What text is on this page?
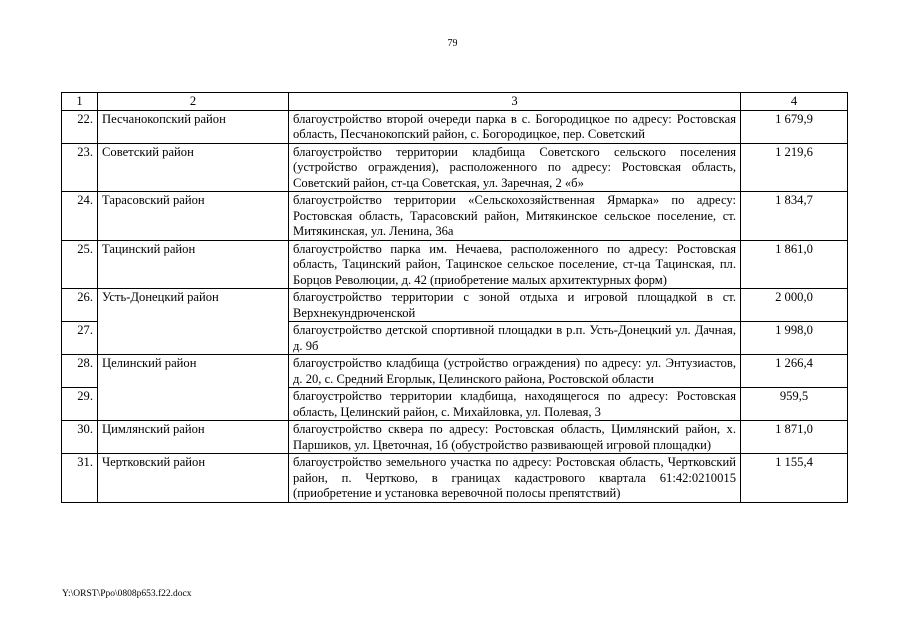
79
1	2	3	4
22.	Песчанокопский район	благоустройство второй очереди парка в с. Богородицкое по адресу: Ростовская область, Песчанокопский район, с. Богородицкое, пер. Советский	1 679,9
23.	Советский район	благоустройство территории кладбища Советского сельского поселения (устройство ограждения), расположенного по адресу: Ростовская область, Советский район, ст-ца Советская, ул. Заречная, 2 «б»	1 219,6
24.	Тарасовский район	благоустройство территории «Сельскохозяйственная Ярмарка» по адресу: Ростовская область, Тарасовский район, Митякинское сельское поселение, ст. Митякинская, ул. Ленина, 36а	1 834,7
25.	Тацинский район	благоустройство парка им. Нечаева, расположенного по адресу: Ростовская область, Тацинский район, Тацинское сельское поселение, ст-ца Тацинская, пл. Борцов Революции, д. 42 (приобретение малых архитектурных форм)	1 861,0
26.	Усть-Донецкий район	благоустройство территории с зоной отдыха и игровой площадкой в ст. Верхнекундрюченской	2 000,0
27.		благоустройство детской спортивной площадки в р.п. Усть-Донецкий ул. Дачная, д. 9б	1 998,0
28.	Целинский район	благоустройство кладбища (устройство ограждения) по адресу: ул. Энтузиастов, д. 20, с. Средний Егорлык, Целинского района, Ростовской области	1 266,4
29.		благоустройство территории кладбища, находящегося по адресу: Ростовская область, Целинский район, с. Михайловка, ул. Полевая, 3	959,5
30.	Цимлянский район	благоустройство сквера по адресу: Ростовская область, Цимлянский район, х. Паршиков, ул. Цветочная, 1б (обустройство развивающей игровой площадки)	1 871,0
31.	Чертковский район	благоустройство земельного участка по адресу: Ростовская область, Чертковский район, п. Чертково, в границах кадастрового квартала 61:42:0210015 (приобретение и установка веревочной полосы препятствий)	1 155,4
Y:\ORST\Ppo\0808p653.f22.docx
